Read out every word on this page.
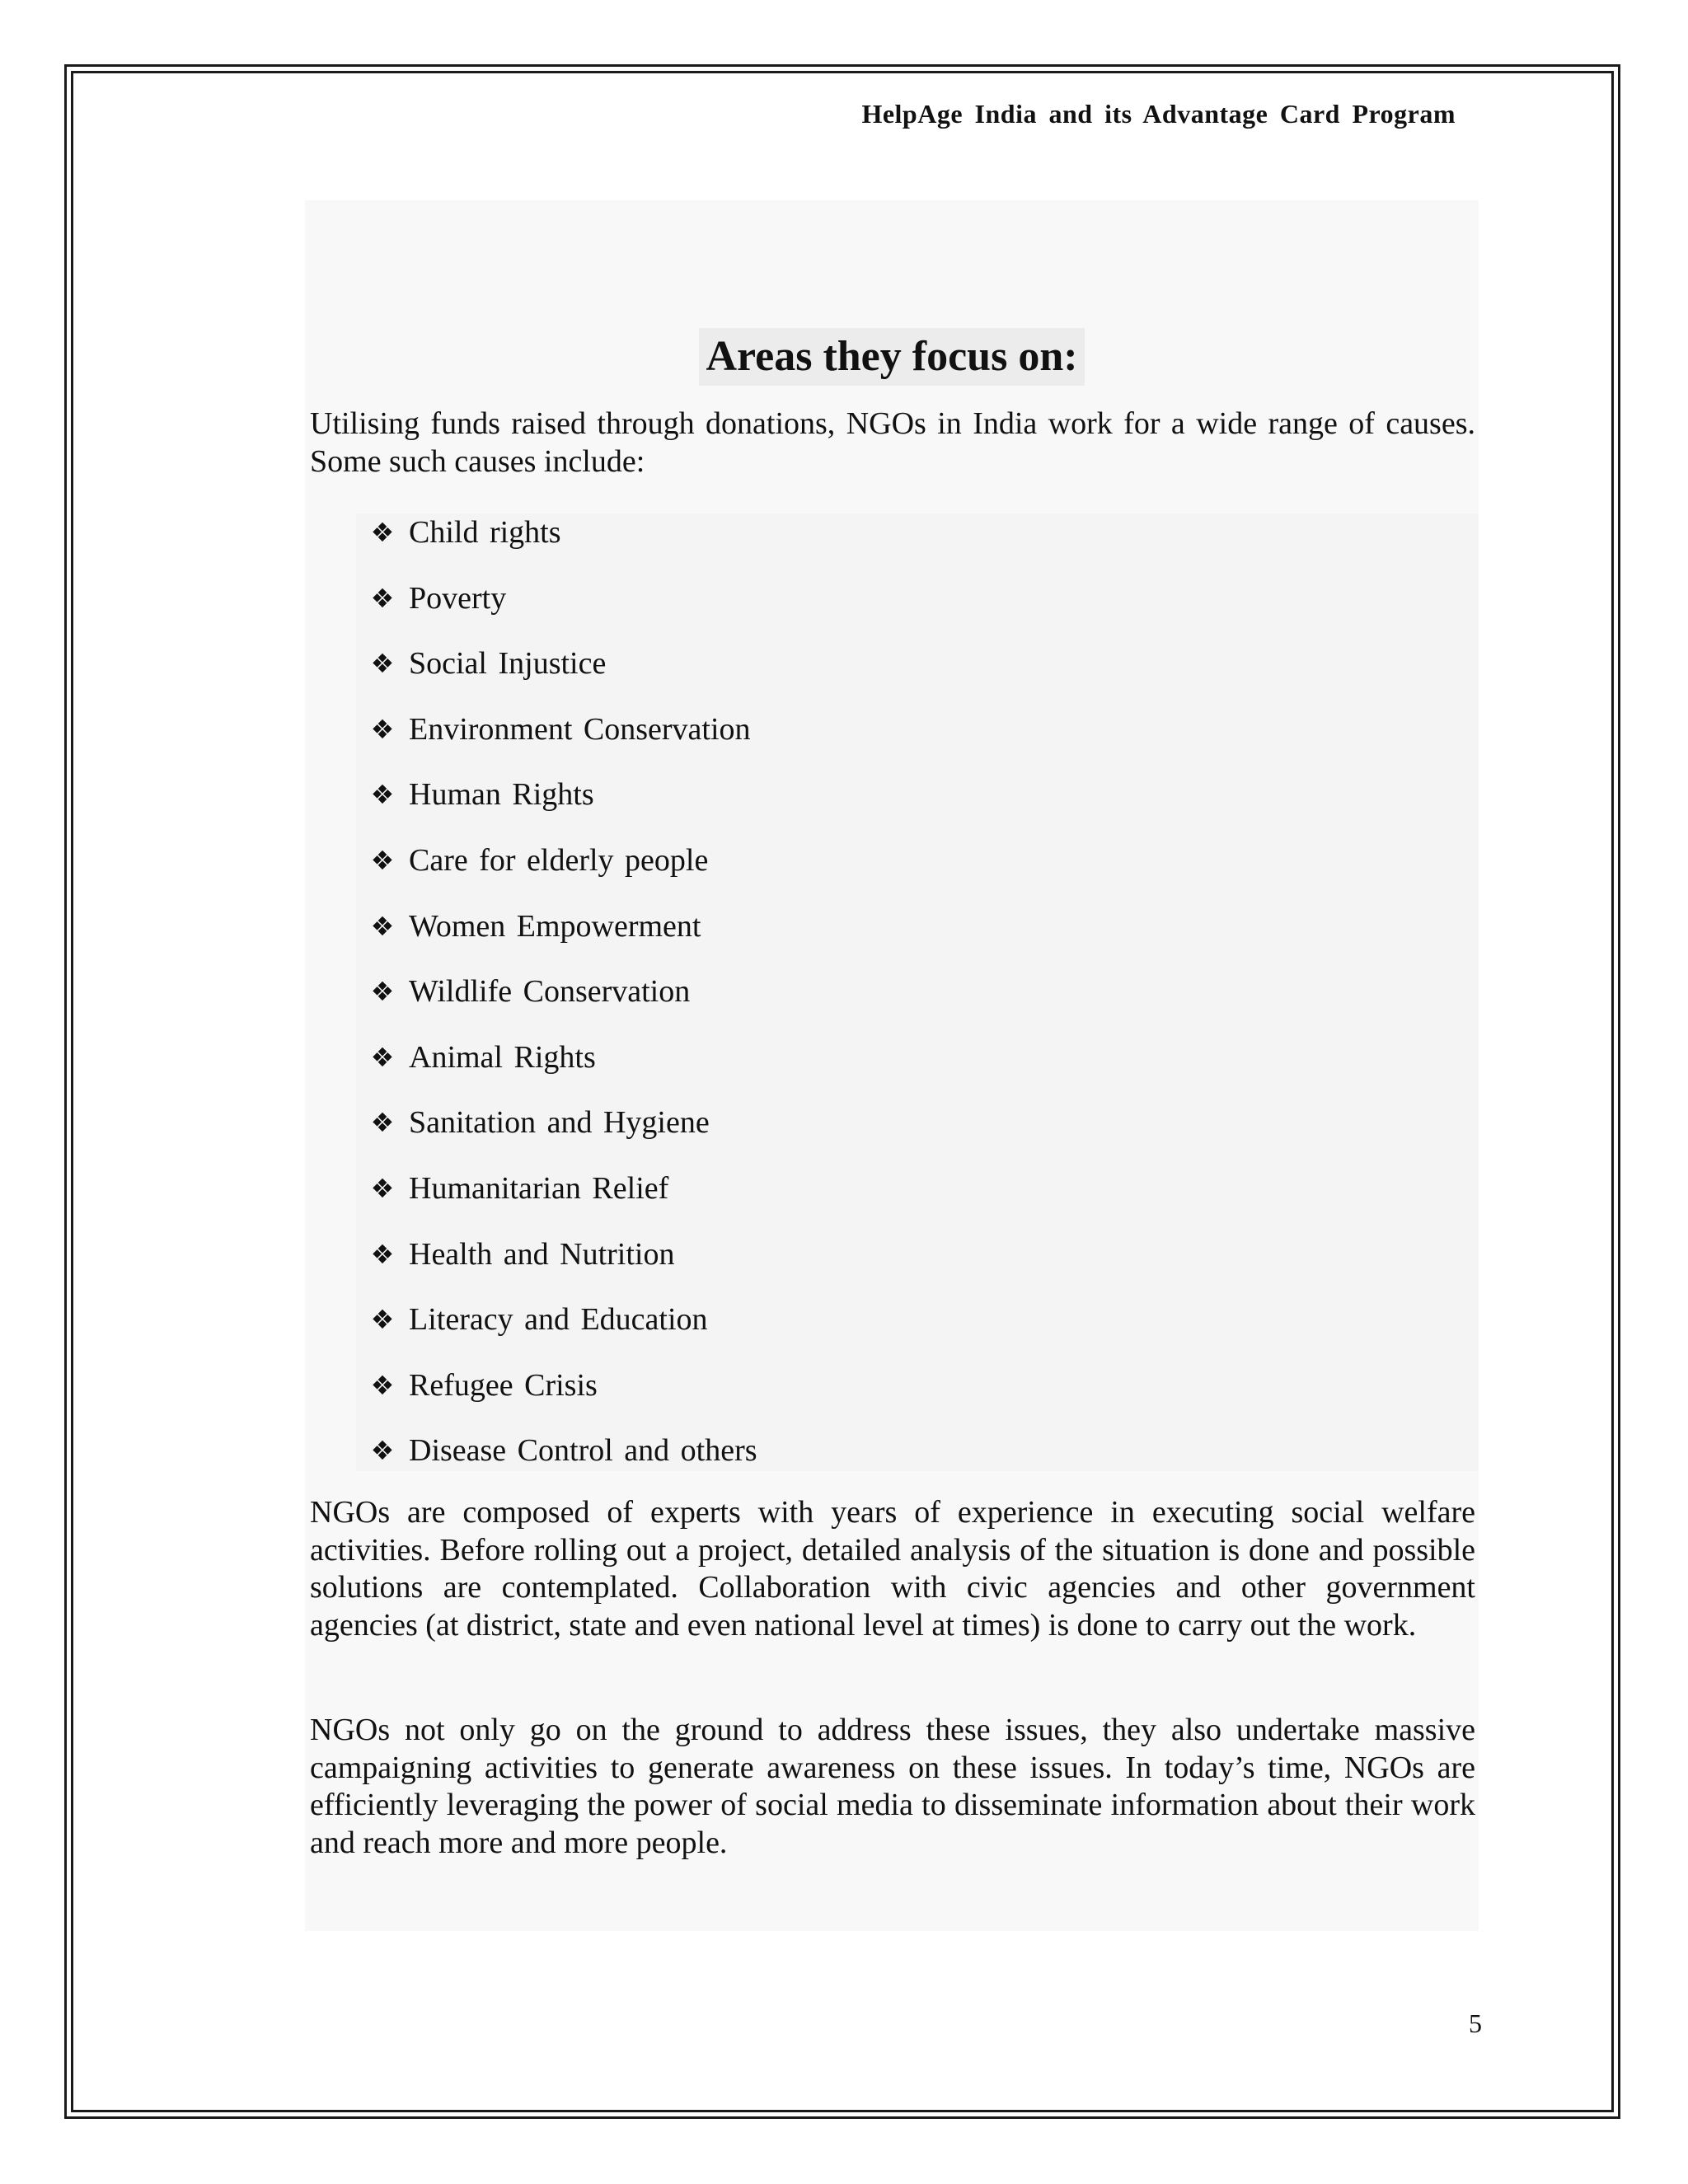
HelpAge India and its Advantage Card Program
Areas they focus on:

Utilising funds raised through donations, NGOs in India work for a wide range of causes. Some such causes include:

❖ Child rights
❖ Poverty
❖ Social Injustice
❖ Environment Conservation
❖ Human Rights
❖ Care for elderly people
❖ Women Empowerment
❖ Wildlife Conservation
❖ Animal Rights
❖ Sanitation and Hygiene
❖ Humanitarian Relief
❖ Health and Nutrition
❖ Literacy and Education
❖ Refugee Crisis
❖ Disease Control and others

NGOs are composed of experts with years of experience in executing social welfare activities. Before rolling out a project, detailed analysis of the situation is done and possible solutions are contemplated. Collaboration with civic agencies and other government agencies (at district, state and even national level at times) is done to carry out the work.

NGOs not only go on the ground to address these issues, they also undertake massive campaigning activities to generate awareness on these issues. In today’s time, NGOs are efficiently leveraging the power of social media to disseminate information about their work and reach more and more people.

5
